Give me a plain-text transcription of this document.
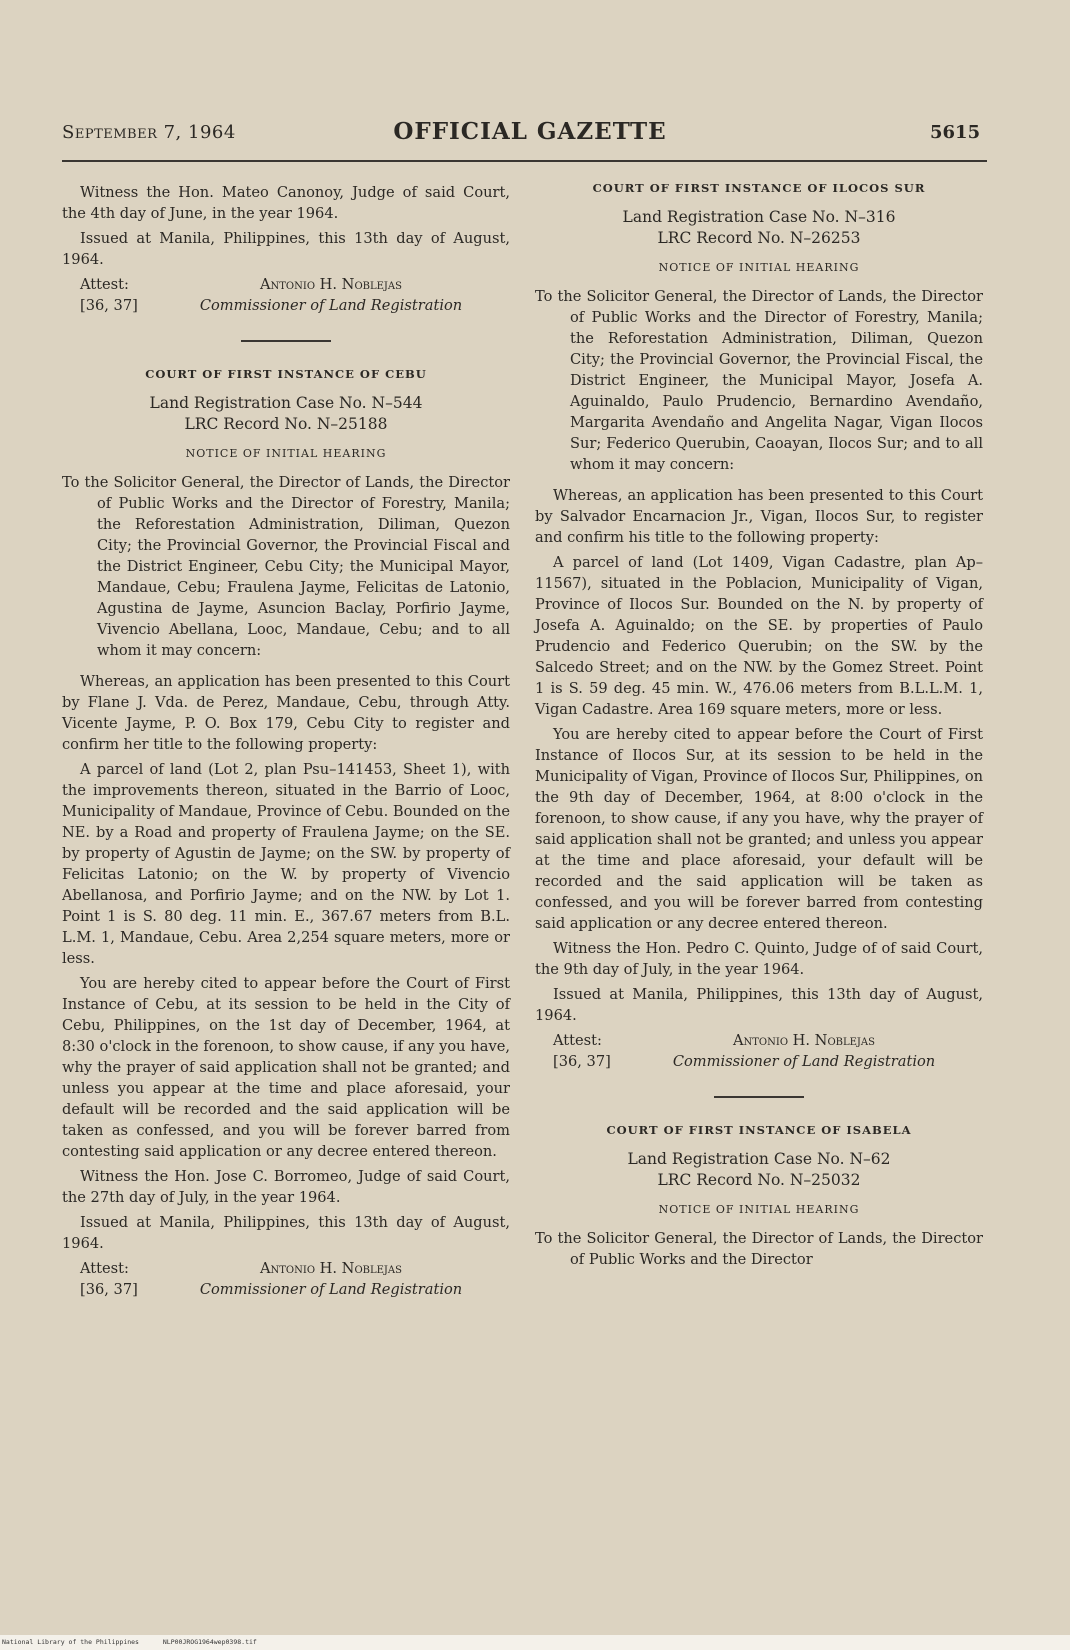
September 7, 1964	OFFICIAL GAZETTE	5615

Witness the Hon. Mateo Canonoy, Judge of said Court, the 4th day of June, in the year 1964.

Issued at Manila, Philippines, this 13th day of August, 1964.

Attest:	Antonio H. Noblejas
[36, 37]	Commissioner of Land Registration
COURT OF FIRST INSTANCE OF CEBU

Land Registration Case No. N–544

LRC Record No. N–25188

NOTICE OF INITIAL HEARING

To the Solicitor General, the Director of Lands, the Director of Public Works and the Director of Forestry, Manila; the Reforestation Administration, Diliman, Quezon City; the Provincial Governor, the Provincial Fiscal and the District Engineer, Cebu City; the Municipal Mayor, Mandaue, Cebu; Fraulena Jayme, Felicitas de Latonio, Agustina de Jayme, Asuncion Baclay, Porfirio Jayme, Vivencio Abellana, Looc, Mandaue, Cebu; and to all whom it may concern:

Whereas, an application has been presented to this Court by Flane J. Vda. de Perez, Mandaue, Cebu, through Atty. Vicente Jayme, P. O. Box 179, Cebu City to register and confirm her title to the following property:

A parcel of land (Lot 2, plan Psu–141453, Sheet 1), with the improvements thereon, situated in the Barrio of Looc, Municipality of Mandaue, Province of Cebu. Bounded on the NE. by a Road and property of Fraulena Jayme; on the SE. by property of Agustin de Jayme; on the SW. by property of Felicitas Latonio; on the W. by property of Vivencio Abellanosa, and Porfirio Jayme; and on the NW. by Lot 1. Point 1 is S. 80 deg. 11 min. E., 367.67 meters from B.L. L.M. 1, Mandaue, Cebu. Area 2,254 square meters, more or less.

You are hereby cited to appear before the Court of First Instance of Cebu, at its session to be held in the City of Cebu, Philippines, on the 1st day of December, 1964, at 8:30 o'clock in the forenoon, to show cause, if any you have, why the prayer of said application shall not be granted; and unless you appear at the time and place aforesaid, your default will be recorded and the said application will be taken as confessed, and you will be forever barred from contesting said application or any decree entered thereon.

Witness the Hon. Jose C. Borromeo, Judge of said Court, the 27th day of July, in the year 1964.

Issued at Manila, Philippines, this 13th day of August, 1964.

Attest:	Antonio H. Noblejas
[36, 37]	Commissioner of Land Registration
COURT OF FIRST INSTANCE OF ILOCOS SUR

Land Registration Case No. N–316

LRC Record No. N–26253

NOTICE OF INITIAL HEARING

To the Solicitor General, the Director of Lands, the Director of Public Works and the Director of Forestry, Manila; the Reforestation Administration, Diliman, Quezon City; the Provincial Governor, the Provincial Fiscal, the District Engineer, the Municipal Mayor, Josefa A. Aguinaldo, Paulo Prudencio, Bernardino Avendaño, Margarita Avendaño and Angelita Nagar, Vigan Ilocos Sur; Federico Querubin, Caoayan, Ilocos Sur; and to all whom it may concern:

Whereas, an application has been presented to this Court by Salvador Encarnacion Jr., Vigan, Ilocos Sur, to register and confirm his title to the following property:

A parcel of land (Lot 1409, Vigan Cadastre, plan Ap–11567), situated in the Poblacion, Municipality of Vigan, Province of Ilocos Sur. Bounded on the N. by property of Josefa A. Aguinaldo; on the SE. by properties of Paulo Prudencio and Federico Querubin; on the SW. by the Salcedo Street; and on the NW. by the Gomez Street. Point 1 is S. 59 deg. 45 min. W., 476.06 meters from B.L.L.M. 1, Vigan Cadastre. Area 169 square meters, more or less.

You are hereby cited to appear before the Court of First Instance of Ilocos Sur, at its session to be held in the Municipality of Vigan, Province of Ilocos Sur, Philippines, on the 9th day of December, 1964, at 8:00 o'clock in the forenoon, to show cause, if any you have, why the prayer of said application shall not be granted; and unless you appear at the time and place aforesaid, your default will be recorded and the said application will be taken as confessed, and you will be forever barred from contesting said application or any decree entered thereon.

Witness the Hon. Pedro C. Quinto, Judge of of said Court, the 9th day of July, in the year 1964.

Issued at Manila, Philippines, this 13th day of August, 1964.

Attest:	Antonio H. Noblejas
[36, 37]	Commissioner of Land Registration
COURT OF FIRST INSTANCE OF ISABELA

Land Registration Case No. N–62

LRC Record No. N–25032

NOTICE OF INITIAL HEARING

To the Solicitor General, the Director of Lands, the Director of Public Works and the Director

National Library of the Philippines	NLP00JROG1964wep0398.tif
